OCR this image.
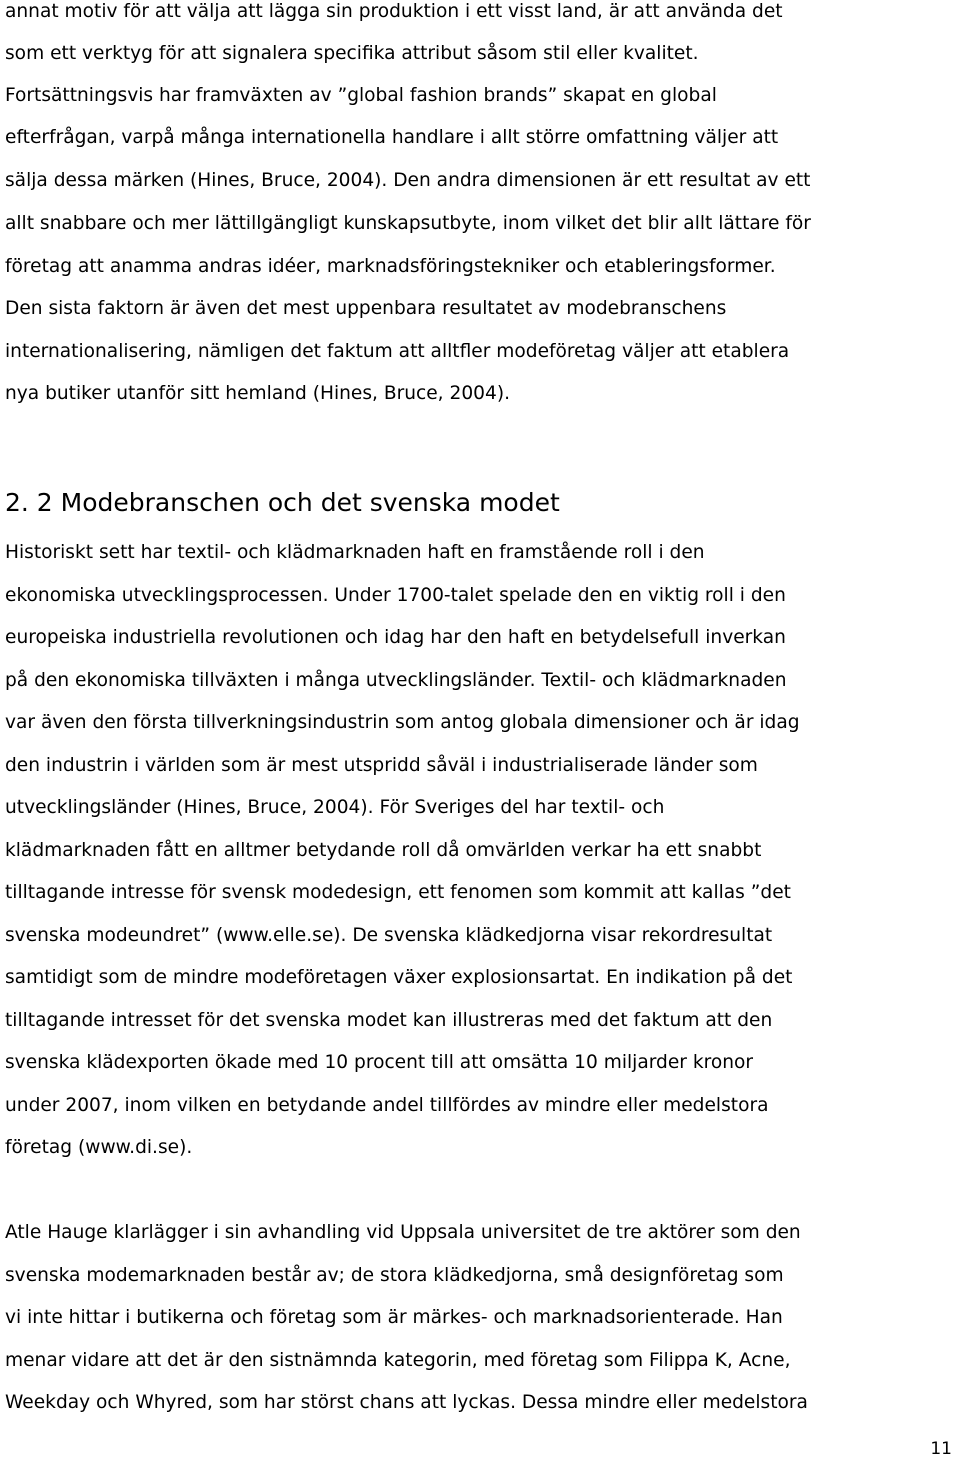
annat motiv för att välja att lägga sin produktion i ett visst land, är att använda det

som ett verktyg för att signalera specifika attribut såsom stil eller kvalitet.

Fortsättningsvis har framväxten av ”global fashion brands” skapat en global

efterfrågan, varpå många internationella handlare i allt större omfattning väljer att

sälja dessa märken (Hines, Bruce, 2004). Den andra dimensionen är ett resultat av ett

allt snabbare och mer lättillgängligt kunskapsutbyte, inom vilket det blir allt lättare för

företag att anamma andras idéer, marknadsföringstekniker och etableringsformer.

Den sista faktorn är även det mest uppenbara resultatet av modebranschens

internationalisering, nämligen det faktum att alltfler modeföretag väljer att etablera

nya butiker utanför sitt hemland (Hines, Bruce, 2004).

2. 2 Modebranschen och det svenska modet

Historiskt sett har textil- och klädmarknaden haft en framstående roll i den

ekonomiska utvecklingsprocessen. Under 1700-talet spelade den en viktig roll i den

europeiska industriella revolutionen och idag har den haft en betydelsefull inverkan

på den ekonomiska tillväxten i många utvecklingsländer. Textil- och klädmarknaden

var även den första tillverkningsindustrin som antog globala dimensioner och är idag

den industrin i världen som är mest utspridd såväl i industrialiserade länder som

utvecklingsländer (Hines, Bruce, 2004). För Sveriges del har textil- och

klädmarknaden fått en alltmer betydande roll då omvärlden verkar ha ett snabbt

tilltagande intresse för svensk modedesign, ett fenomen som kommit att kallas ”det

svenska modeundret” (www.elle.se). De svenska klädkedjorna visar rekordresultat

samtidigt som de mindre modeföretagen växer explosionsartat. En indikation på det

tilltagande intresset för det svenska modet kan illustreras med det faktum att den

svenska klädexporten ökade med 10 procent till att omsätta 10 miljarder kronor

under 2007, inom vilken en betydande andel tillfördes av mindre eller medelstora

företag (www.di.se).

Atle Hauge klarlägger i sin avhandling vid Uppsala universitet de tre aktörer som den

svenska modemarknaden består av; de stora klädkedjorna, små designföretag som

vi inte hittar i butikerna och företag som är märkes- och marknadsorienterade. Han

menar vidare att det är den sistnämnda kategorin, med företag som Filippa K, Acne,

Weekday och Whyred, som har störst chans att lyckas. Dessa mindre eller medelstora

11
